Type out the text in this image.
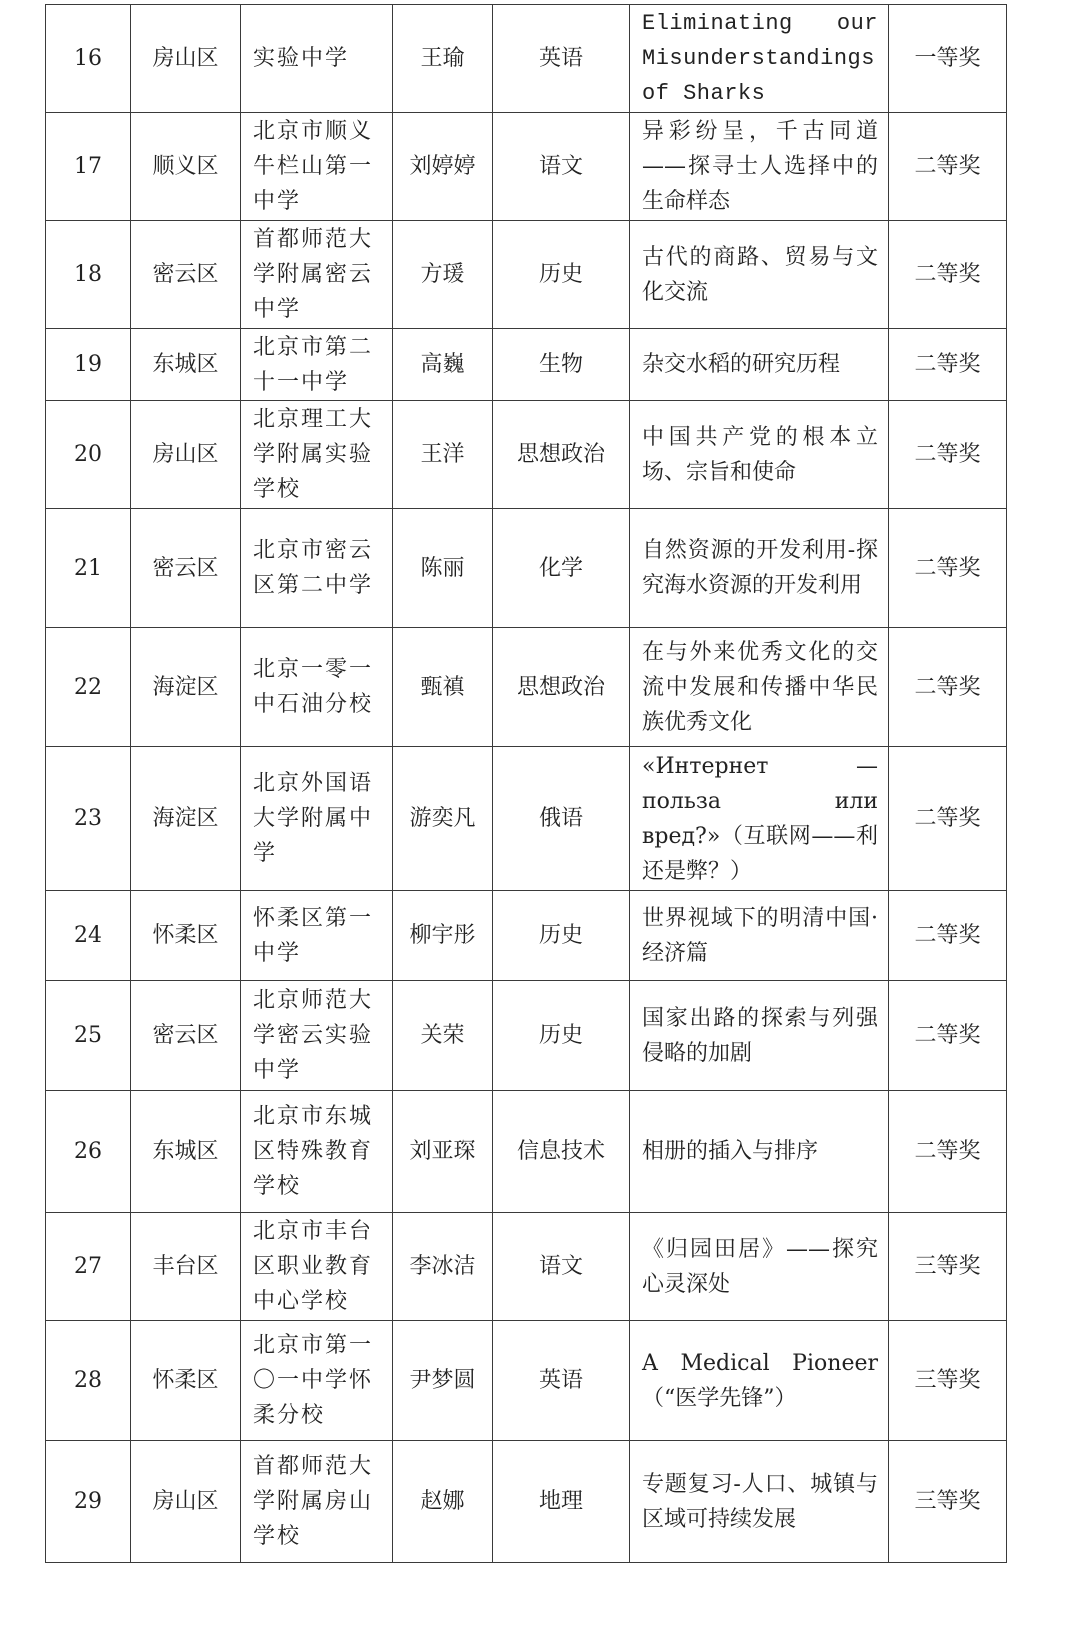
16	房山区	实验中学	王瑜	英语	Eliminating our Misunderstandings of Sharks	一等奖
17	顺义区	北京市顺义牛栏山第一中学	刘婷婷	语文	异彩纷呈，千古同道——探寻士人选择中的生命样态	二等奖
18	密云区	首都师范大学附属密云中学	方瑗	历史	古代的商路、贸易与文化交流	二等奖
19	东城区	北京市第二十一中学	高巍	生物	杂交水稻的研究历程	二等奖
20	房山区	北京理工大学附属实验学校	王洋	思想政治	中国共产党的根本立场、宗旨和使命	二等奖
21	密云区	北京市密云区第二中学	陈丽	化学	自然资源的开发利用-探究海水资源的开发利用	二等奖
22	海淀区	北京一零一中石油分校	甄禛	思想政治	在与外来优秀文化的交流中发展和传播中华民族优秀文化	二等奖
23	海淀区	北京外国语大学附属中学	游奕凡	俄语	«Интернет — польза или вред?»（互联网——利还是弊？）	二等奖
24	怀柔区	怀柔区第一中学	柳宇彤	历史	世界视域下的明清中国·经济篇	二等奖
25	密云区	北京师范大学密云实验中学	关荣	历史	国家出路的探索与列强侵略的加剧	二等奖
26	东城区	北京市东城区特殊教育学校	刘亚琛	信息技术	相册的插入与排序	二等奖
27	丰台区	北京市丰台区职业教育中心学校	李冰洁	语文	《归园田居》——探究心灵深处	三等奖
28	怀柔区	北京市第一〇一中学怀柔分校	尹梦圆	英语	A Medical Pioneer（“医学先锋”）	三等奖
29	房山区	首都师范大学附属房山学校	赵娜	地理	专题复习-人口、城镇与区域可持续发展	三等奖
